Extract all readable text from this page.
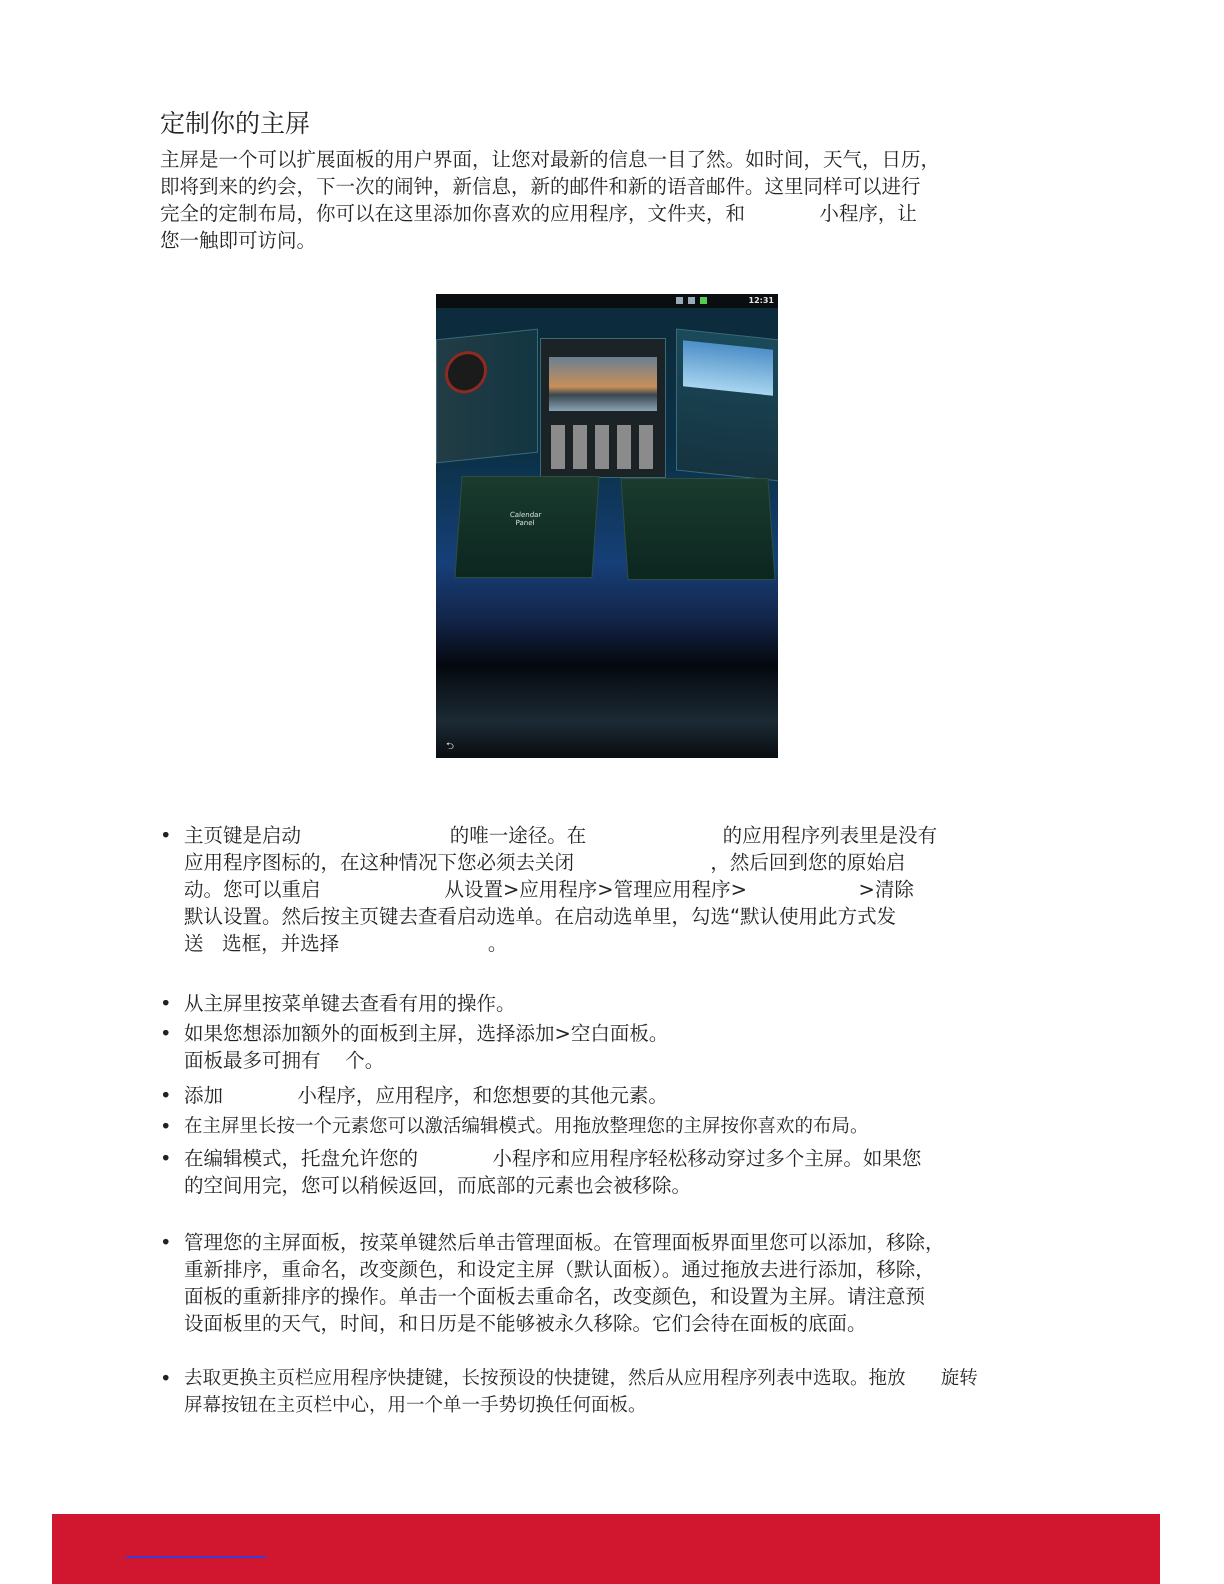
定制你的主屏
主屏是一个可以扩展面板的用户界面，让您对最新的信息一目了然。如时间，天气，日历，
即将到来的约会，下一次的闹钟，新信息，新的邮件和新的语音邮件。这里同样可以进行
完全的定制布局，你可以在这里添加你喜欢的应用程序，文件夹，和            小程序，让
您一触即可访问。
12:31
Calendar
Panel
⮌
• 主页键是启动                        的唯一途径。在                      的应用程序列表里是没有
应用程序图标的，在这种情况下您必须去关闭                      ，然后回到您的原始启
动。您可以重启                    从设置>应用程序>管理应用程序>                  >清除
默认设置。然后按主页键去查看启动选单。在启动选单里，勾选“默认使用此方式发
送   选框，并选择                        。
• 从主屏里按菜单键去查看有用的操作。
• 如果您想添加额外的面板到主屏，选择添加>空白面板。
面板最多可拥有    个。
• 添加            小程序，应用程序，和您想要的其他元素。
• 在主屏里长按一个元素您可以激活编辑模式。用拖放整理您的主屏按你喜欢的布局。
• 在编辑模式，托盘允许您的            小程序和应用程序轻松移动穿过多个主屏。如果您
的空间用完，您可以稍候返回，而底部的元素也会被移除。
• 管理您的主屏面板，按菜单键然后单击管理面板。在管理面板界面里您可以添加，移除，
重新排序，重命名，改变颜色，和设定主屏（默认面板）。通过拖放去进行添加，移除，
面板的重新排序的操作。单击一个面板去重命名，改变颜色，和设置为主屏。请注意预
设面板里的天气，时间，和日历是不能够被永久移除。它们会待在面板的底面。
• 去取更换主页栏应用程序快捷键，长按预设的快捷键，然后从应用程序列表中选取。拖放      旋转
屏幕按钮在主页栏中心，用一个单一手势切换任何面板。
